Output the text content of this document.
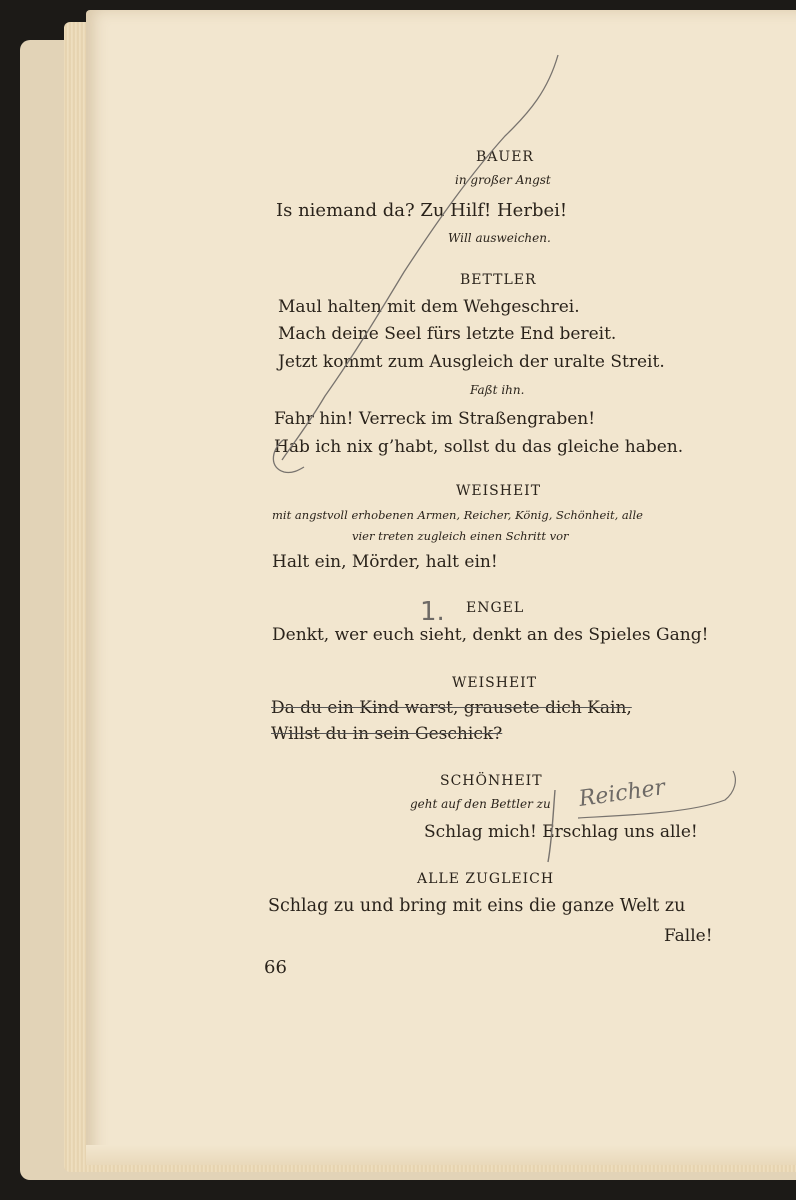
BAUER

in großer Angst

Is niemand da? Zu Hilf! Herbei!

Will ausweichen.

BETTLER

Maul halten mit dem Wehgeschrei.

Mach deine Seel fürs letzte End bereit.

Jetzt kommt zum Ausgleich der uralte Streit.

Faßt ihn.

Fahr hin! Verreck im Straßengraben!

Hab ich nix g’habt, sollst du das gleiche haben.

WEISHEIT

mit angstvoll erhobenen Armen, Reicher, König, Schönheit, alle

vier treten zugleich einen Schritt vor

Halt ein, Mörder, halt ein!

ENGEL

Denkt, wer euch sieht, denkt an des Spieles Gang!

WEISHEIT

Da du ein Kind warst, grausete dich Kain,

Willst du in sein Geschick?

SCHÖNHEIT

geht auf den Bettler zu

Schlag mich! Erschlag uns alle!

ALLE ZUGLEICH

Schlag zu und bring mit eins die ganze Welt zu

Falle!

66

1.
Reicher
